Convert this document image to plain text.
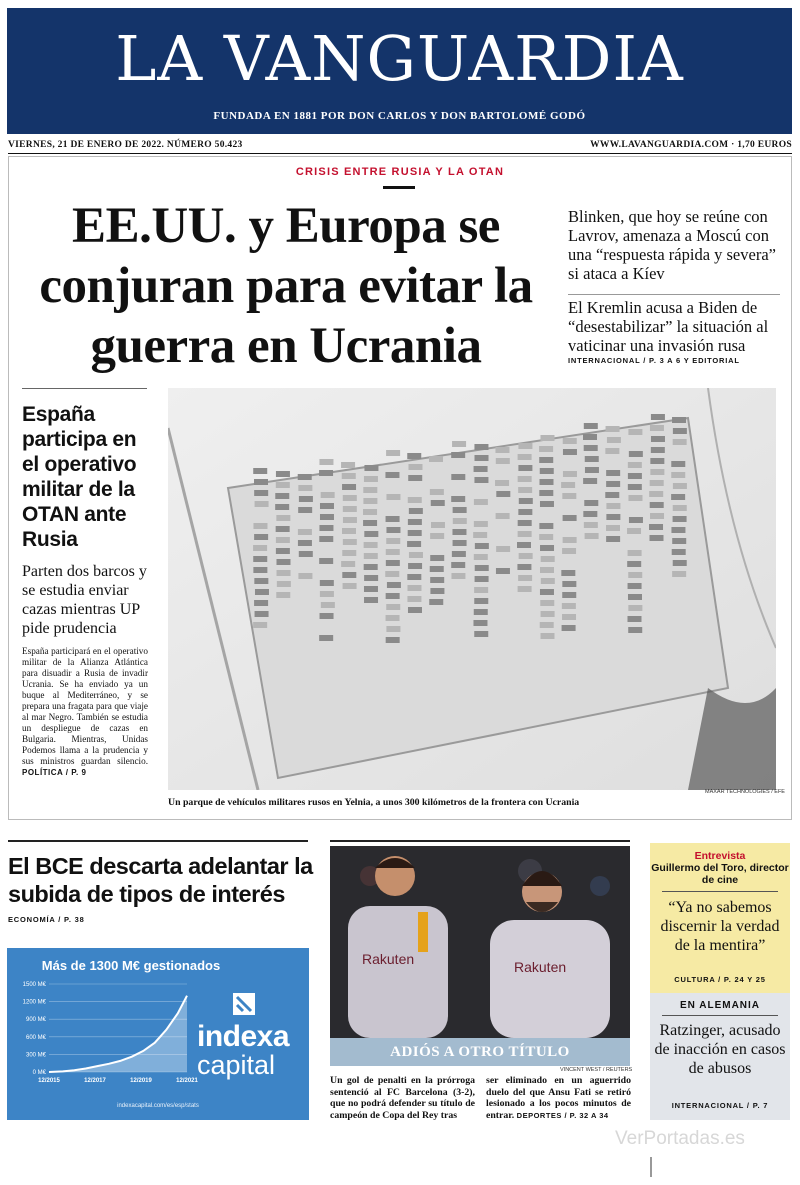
LA VANGUARDIA
FUNDADA EN 1881 POR DON CARLOS Y DON BARTOLOMÉ GODÓ
VIERNES, 21 DE ENERO DE 2022. NÚMERO 50.423	WWW.LAVANGUARDIA.COM · 1,70 EUROS
CRISIS ENTRE RUSIA Y LA OTAN
EE.UU. y Europa se conjuran para evitar la guerra en Ucrania
Blinken, que hoy se reúne con Lavrov, amenaza a Moscú con una “respuesta rápida y severa” si ataca a Kíev
El Kremlin acusa a Biden de “desestabilizar” la situación al vaticinar una invasión rusa
INTERNACIONAL / P. 3 A 6 Y EDITORIAL
España participa en el operativo militar de la OTAN ante Rusia
Parten dos barcos y se estudia enviar cazas mientras UP pide prudencia
España participará en el operativo militar de la Alianza Atlántica para disuadir a Rusia de invadir Ucrania. Se ha enviado ya un buque al Mediterráneo, y se prepara una fragata para que viaje al mar Negro. También se estudia un despliegue de cazas en Bulgaria. Mientras, Unidas Podemos llama a la prudencia y sus ministros guardan silencio. POLÍTICA / P. 9
MAXAR TECHNOLOGIES / EFE
Un parque de vehículos militares rusos en Yelnia, a unos 300 kilómetros de la frontera con Ucrania
El BCE descarta adelantar la subida de tipos de interés
ECONOMÍA / P. 38
Más de 1300 M€ gestionados
0 M€
300 M€
600 M€
900 M€
1200 M€
1500 M€
12/2015	12/2017	12/2019	12/2021
indexa
capital
indexacapital.com/es/esp/stats
Rakuten	Rakuten
ADIÓS A OTRO TÍTULO
VINCENT WEST / REUTERS
Un gol de penalti en la prórroga sentenció al FC Barcelona (3-2), que no podrá defender su título de campeón de Copa del Rey tras
ser eliminado en un aguerrido duelo del que Ansu Fati se retiró lesionado a los pocos minutos de entrar. DEPORTES / P. 32 A 34
Entrevista
Guillermo del Toro, director de cine
“Ya no sabemos discernir la verdad de la mentira”
CULTURA / P. 24 Y 25
EN ALEMANIA
Ratzinger, acusado de inacción en casos de abusos
INTERNACIONAL / P. 7
VerPortadas.es
